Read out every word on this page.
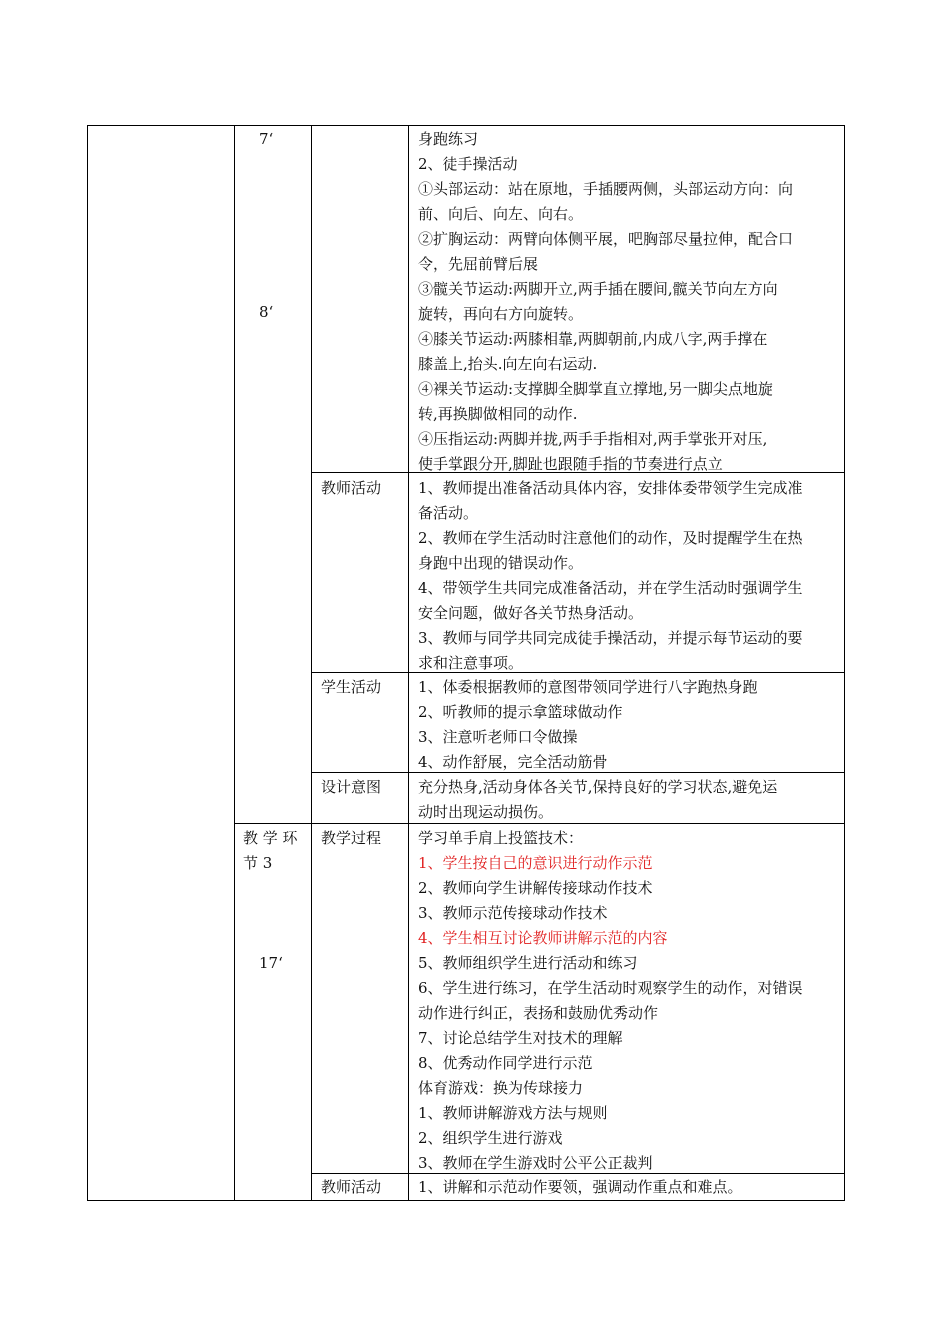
7‘
8‘
教 学 环
节 3
17‘
教师活动
学生活动
设计意图
教学过程
教师活动
身跑练习
2、徒手操活动
①头部运动：站在原地，手插腰两侧，头部运动方向：向
前、向后、向左、向右。
②扩胸运动：两臂向体侧平展，吧胸部尽量拉伸，配合口
令，先屈前臂后展
③髋关节运动:两脚开立,两手插在腰间,髋关节向左方向
旋转，再向右方向旋转。
④膝关节运动:两膝相靠,两脚朝前,内成八字,两手撑在
膝盖上,抬头.向左向右运动.
④裸关节运动:支撑脚全脚掌直立撑地,另一脚尖点地旋
转,再换脚做相同的动作.
④压指运动:两脚并拢,两手手指相对,两手掌张开对压,
使手掌跟分开,脚趾也跟随手指的节奏进行点立
1、教师提出准备活动具体内容，安排体委带领学生完成准
备活动。
2、教师在学生活动时注意他们的动作，及时提醒学生在热
身跑中出现的错误动作。
4、带领学生共同完成准备活动，并在学生活动时强调学生
安全问题，做好各关节热身活动。
3、教师与同学共同完成徒手操活动，并提示每节运动的要
求和注意事项。
1、体委根据教师的意图带领同学进行八字跑热身跑
2、听教师的提示拿篮球做动作
3、注意听老师口令做操
4、动作舒展，完全活动筋骨
充分热身,活动身体各关节,保持良好的学习状态,避免运
动时出现运动损伤。
学习单手肩上投篮技术：
1、学生按自己的意识进行动作示范
2、教师向学生讲解传接球动作技术
3、教师示范传接球动作技术
4、学生相互讨论教师讲解示范的内容
5、教师组织学生进行活动和练习
6、学生进行练习，在学生活动时观察学生的动作，对错误
动作进行纠正，表扬和鼓励优秀动作
7、讨论总结学生对技术的理解
8、优秀动作同学进行示范
体育游戏：换为传球接力
1、教师讲解游戏方法与规则
2、组织学生进行游戏
3、教师在学生游戏时公平公正裁判
1、讲解和示范动作要领，强调动作重点和难点。
